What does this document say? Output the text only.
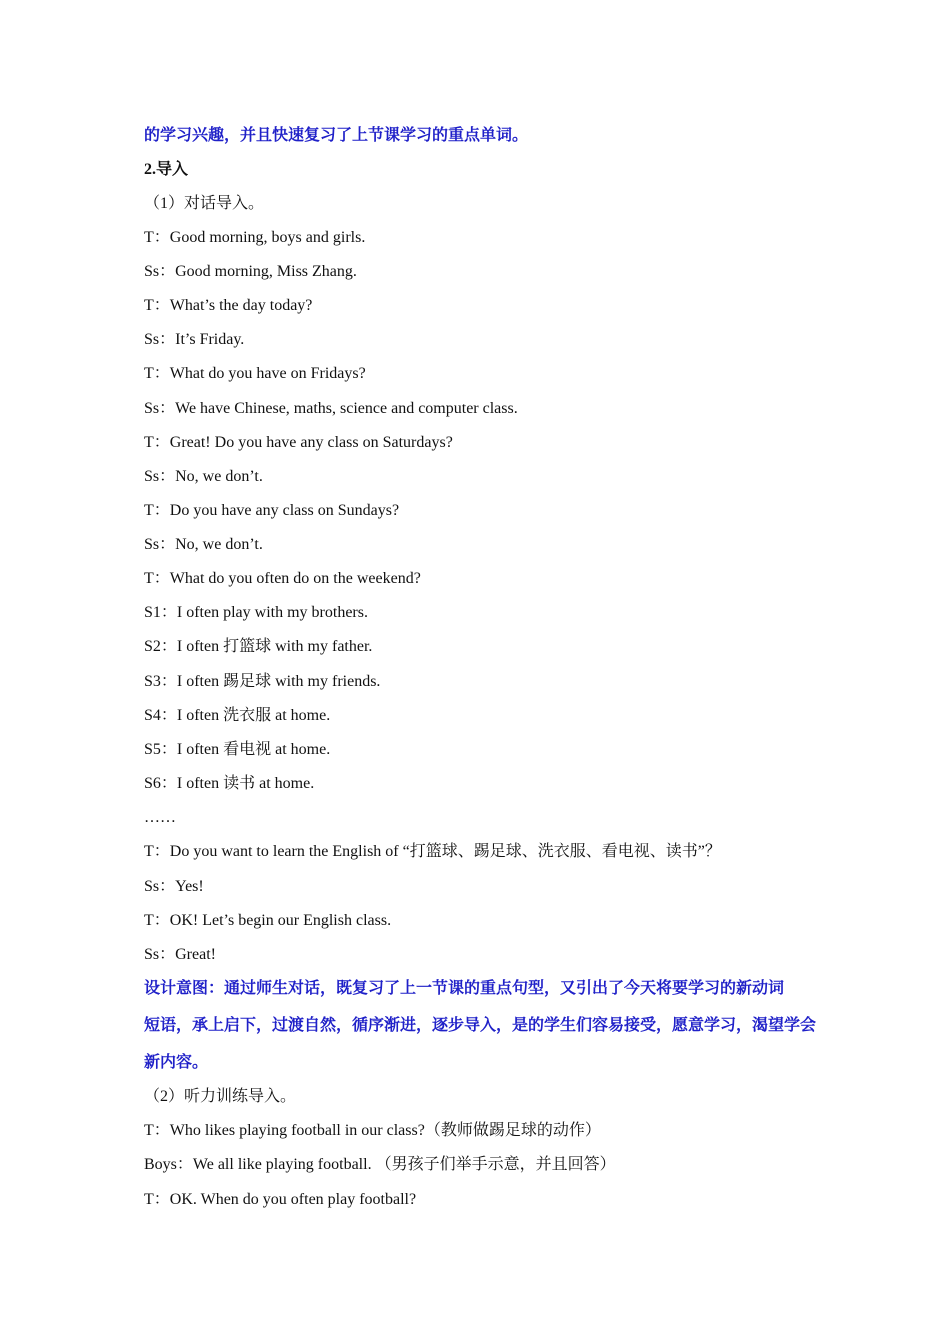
的学习兴趣，并且快速复习了上节课学习的重点单词。
2.导入
（1）对话导入。
T：Good morning, boys and girls.
Ss：Good morning, Miss Zhang.
T：What’s the day today?
Ss：It’s Friday.
T：What do you have on Fridays?
Ss：We have Chinese, maths, science and computer class.
T：Great! Do you have any class on Saturdays?
Ss：No, we don’t.
T：Do you have any class on Sundays?
Ss：No, we don’t.
T：What do you often do on the weekend?
S1：I often play with my brothers.
S2：I often 打篮球 with my father.
S3：I often 踢足球 with my friends.
S4：I often 洗衣服 at home.
S5：I often 看电视 at home.
S6：I often 读书 at home.
……
T：Do you want to learn the English of “打篮球、踢足球、洗衣服、看电视、读书”？
Ss：Yes!
T：OK! Let’s begin our English class.
Ss：Great!
设计意图：通过师生对话，既复习了上一节课的重点句型，又引出了今天将要学习的新动词
短语，承上启下，过渡自然，循序渐进，逐步导入，是的学生们容易接受，愿意学习，渴望学会
新内容。
（2）听力训练导入。
T：Who likes playing football in our class?（教师做踢足球的动作）
Boys：We all like playing football. （男孩子们举手示意，并且回答）
T：OK. When do you often play football?
